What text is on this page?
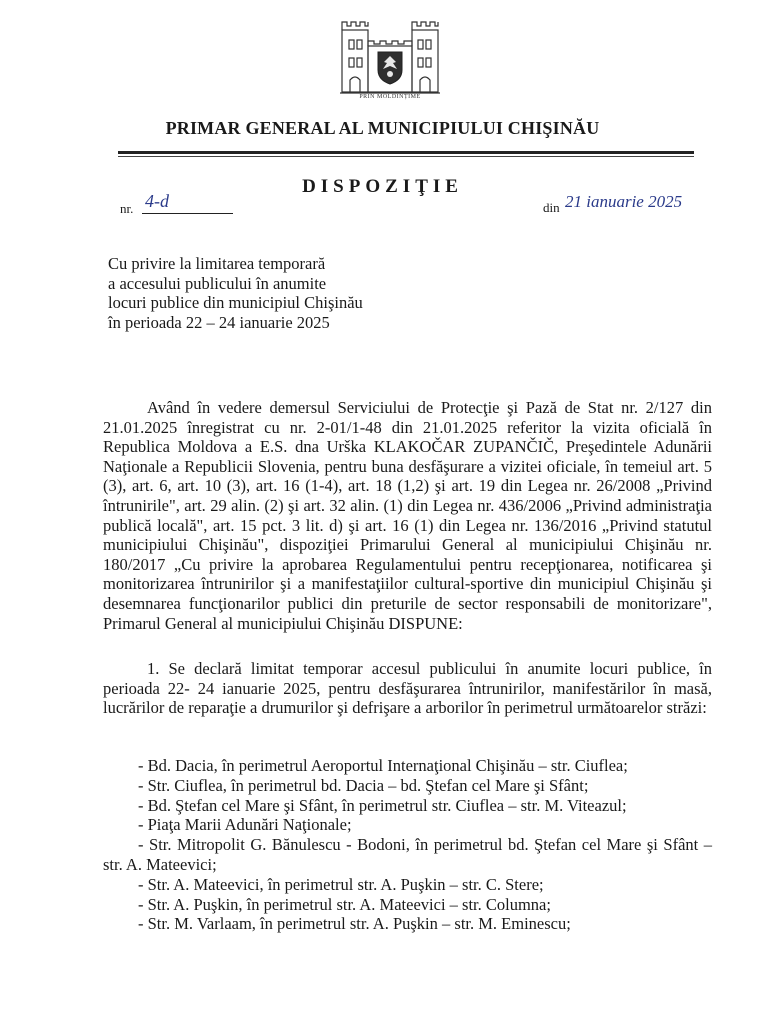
PRIN MOLDINȚIME
PRIMAR GENERAL AL MUNICIPIULUI CHIŞINĂU
DISPOZIŢIE
nr. 4-d	din 21 ianuarie 2025
Cu privire la limitarea temporară
a accesului publicului în anumite
locuri publice din municipiul Chişinău
în perioada 22 – 24 ianuarie 2025
Având în vedere demersul Serviciului de Protecţie şi Pază de Stat nr. 2/127 din 21.01.2025 înregistrat cu nr. 2-01/1-48 din 21.01.2025 referitor la vizita oficială în Republica Moldova a E.S. dna Urška KLAKOČAR ZUPANČIČ, Preşedintele Adunării Naţionale a Republicii Slovenia, pentru buna desfăşurare a vizitei oficiale, în temeiul art. 5 (3), art. 6, art. 10 (3), art. 16 (1-4), art. 18 (1,2) şi art. 19 din Legea nr. 26/2008 „Privind întrunirile", art. 29 alin. (2) şi art. 32 alin. (1) din Legea nr. 436/2006 „Privind administraţia publică locală", art. 15 pct. 3 lit. d) şi art. 16 (1) din Legea nr. 136/2016 „Privind statutul municipiului Chişinău", dispoziţiei Primarului General al municipiului Chişinău nr. 180/2017 „Cu privire la aprobarea Regulamentului pentru recepţionarea, notificarea şi monitorizarea întrunirilor şi a manifestaţiilor cultural-sportive din municipiul Chişinău şi desemnarea funcţionarilor publici din preturile de sector responsabili de monitorizare", Primarul General al municipiului Chişinău DISPUNE:
1. Se declară limitat temporar accesul publicului în anumite locuri publice, în perioada 22- 24 ianuarie 2025, pentru desfăşurarea întrunirilor, manifestărilor în masă, lucrărilor de reparaţie a drumurilor şi defrişare a arborilor în perimetrul următoarelor străzi:
- Bd. Dacia, în perimetrul Aeroportul Internaţional Chişinău – str. Ciuflea;
- Str. Ciuflea, în perimetrul bd. Dacia – bd. Ştefan cel Mare şi Sfânt;
- Bd. Ştefan cel Mare şi Sfânt, în perimetrul str. Ciuflea – str. M. Viteazul;
- Piaţa Marii Adunări Naţionale;
- Str. Mitropolit G. Bănulescu - Bodoni, în perimetrul bd. Ştefan cel Mare şi Sfânt – str. A. Mateevici;
- Str. A. Mateevici, în perimetrul str. A. Puşkin – str. C. Stere;
- Str. A. Puşkin, în perimetrul str. A. Mateevici – str. Columna;
- Str. M. Varlaam, în perimetrul str. A. Puşkin – str. M. Eminescu;
